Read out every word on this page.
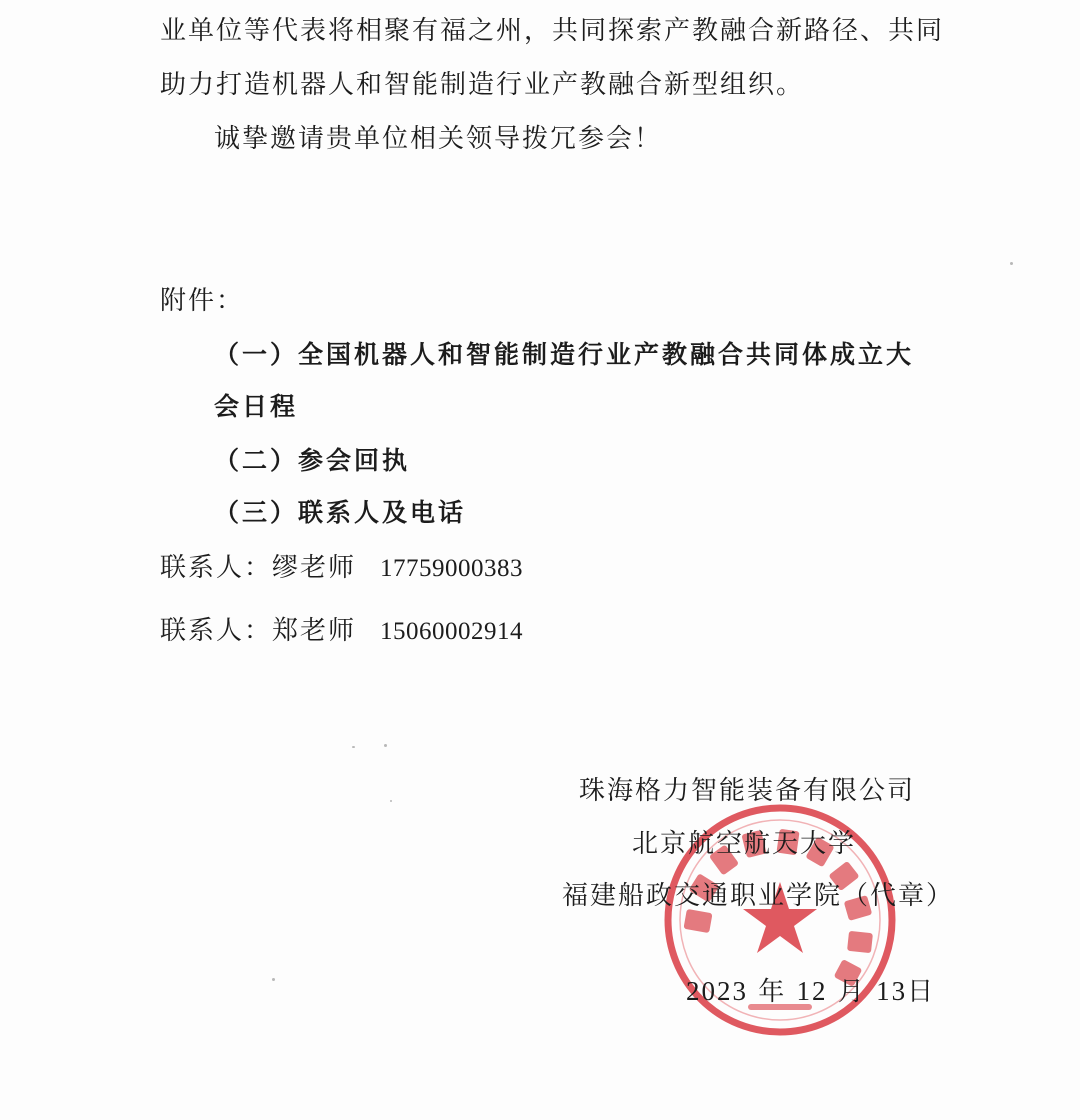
业单位等代表将相聚有福之州，共同探索产教融合新路径、共同
助力打造机器人和智能制造行业产教融合新型组织。
诚挚邀请贵单位相关领导拨冗参会！
附件：
（一）全国机器人和智能制造行业产教融合共同体成立大
会日程
（二）参会回执
（三）联系人及电话
联系人：缪老师 17759000383
联系人：郑老师 15060002914
珠海格力智能装备有限公司
北京航空航天大学
福建船政交通职业学院（代章）
2023 年 12 月 13日
